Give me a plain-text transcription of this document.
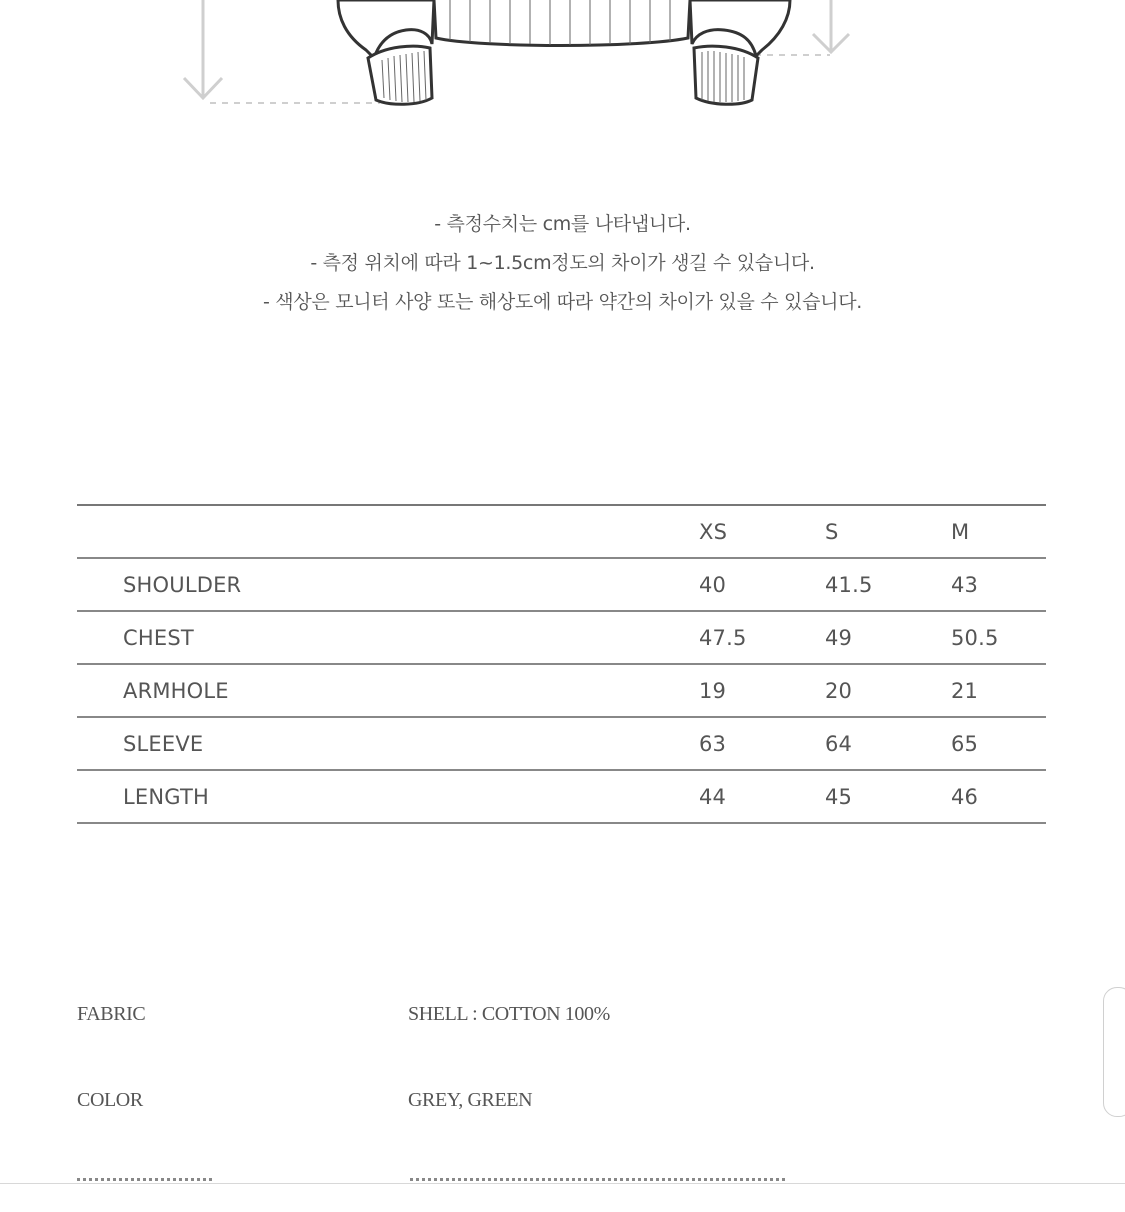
- 측정수치는 cm를 나타냅니다.
- 측정 위치에 따라 1~1.5cm정도의 차이가 생길 수 있습니다.
- 색상은 모니터 사양 또는 해상도에 따라 약간의 차이가 있을 수 있습니다.
	XS	S	M
SHOULDER	40	41.5	43
CHEST	47.5	49	50.5
ARMHOLE	19	20	21
SLEEVE	63	64	65
LENGTH	44	45	46
FABRIC	SHELL : COTTON 100%
COLOR	GREY, GREEN
